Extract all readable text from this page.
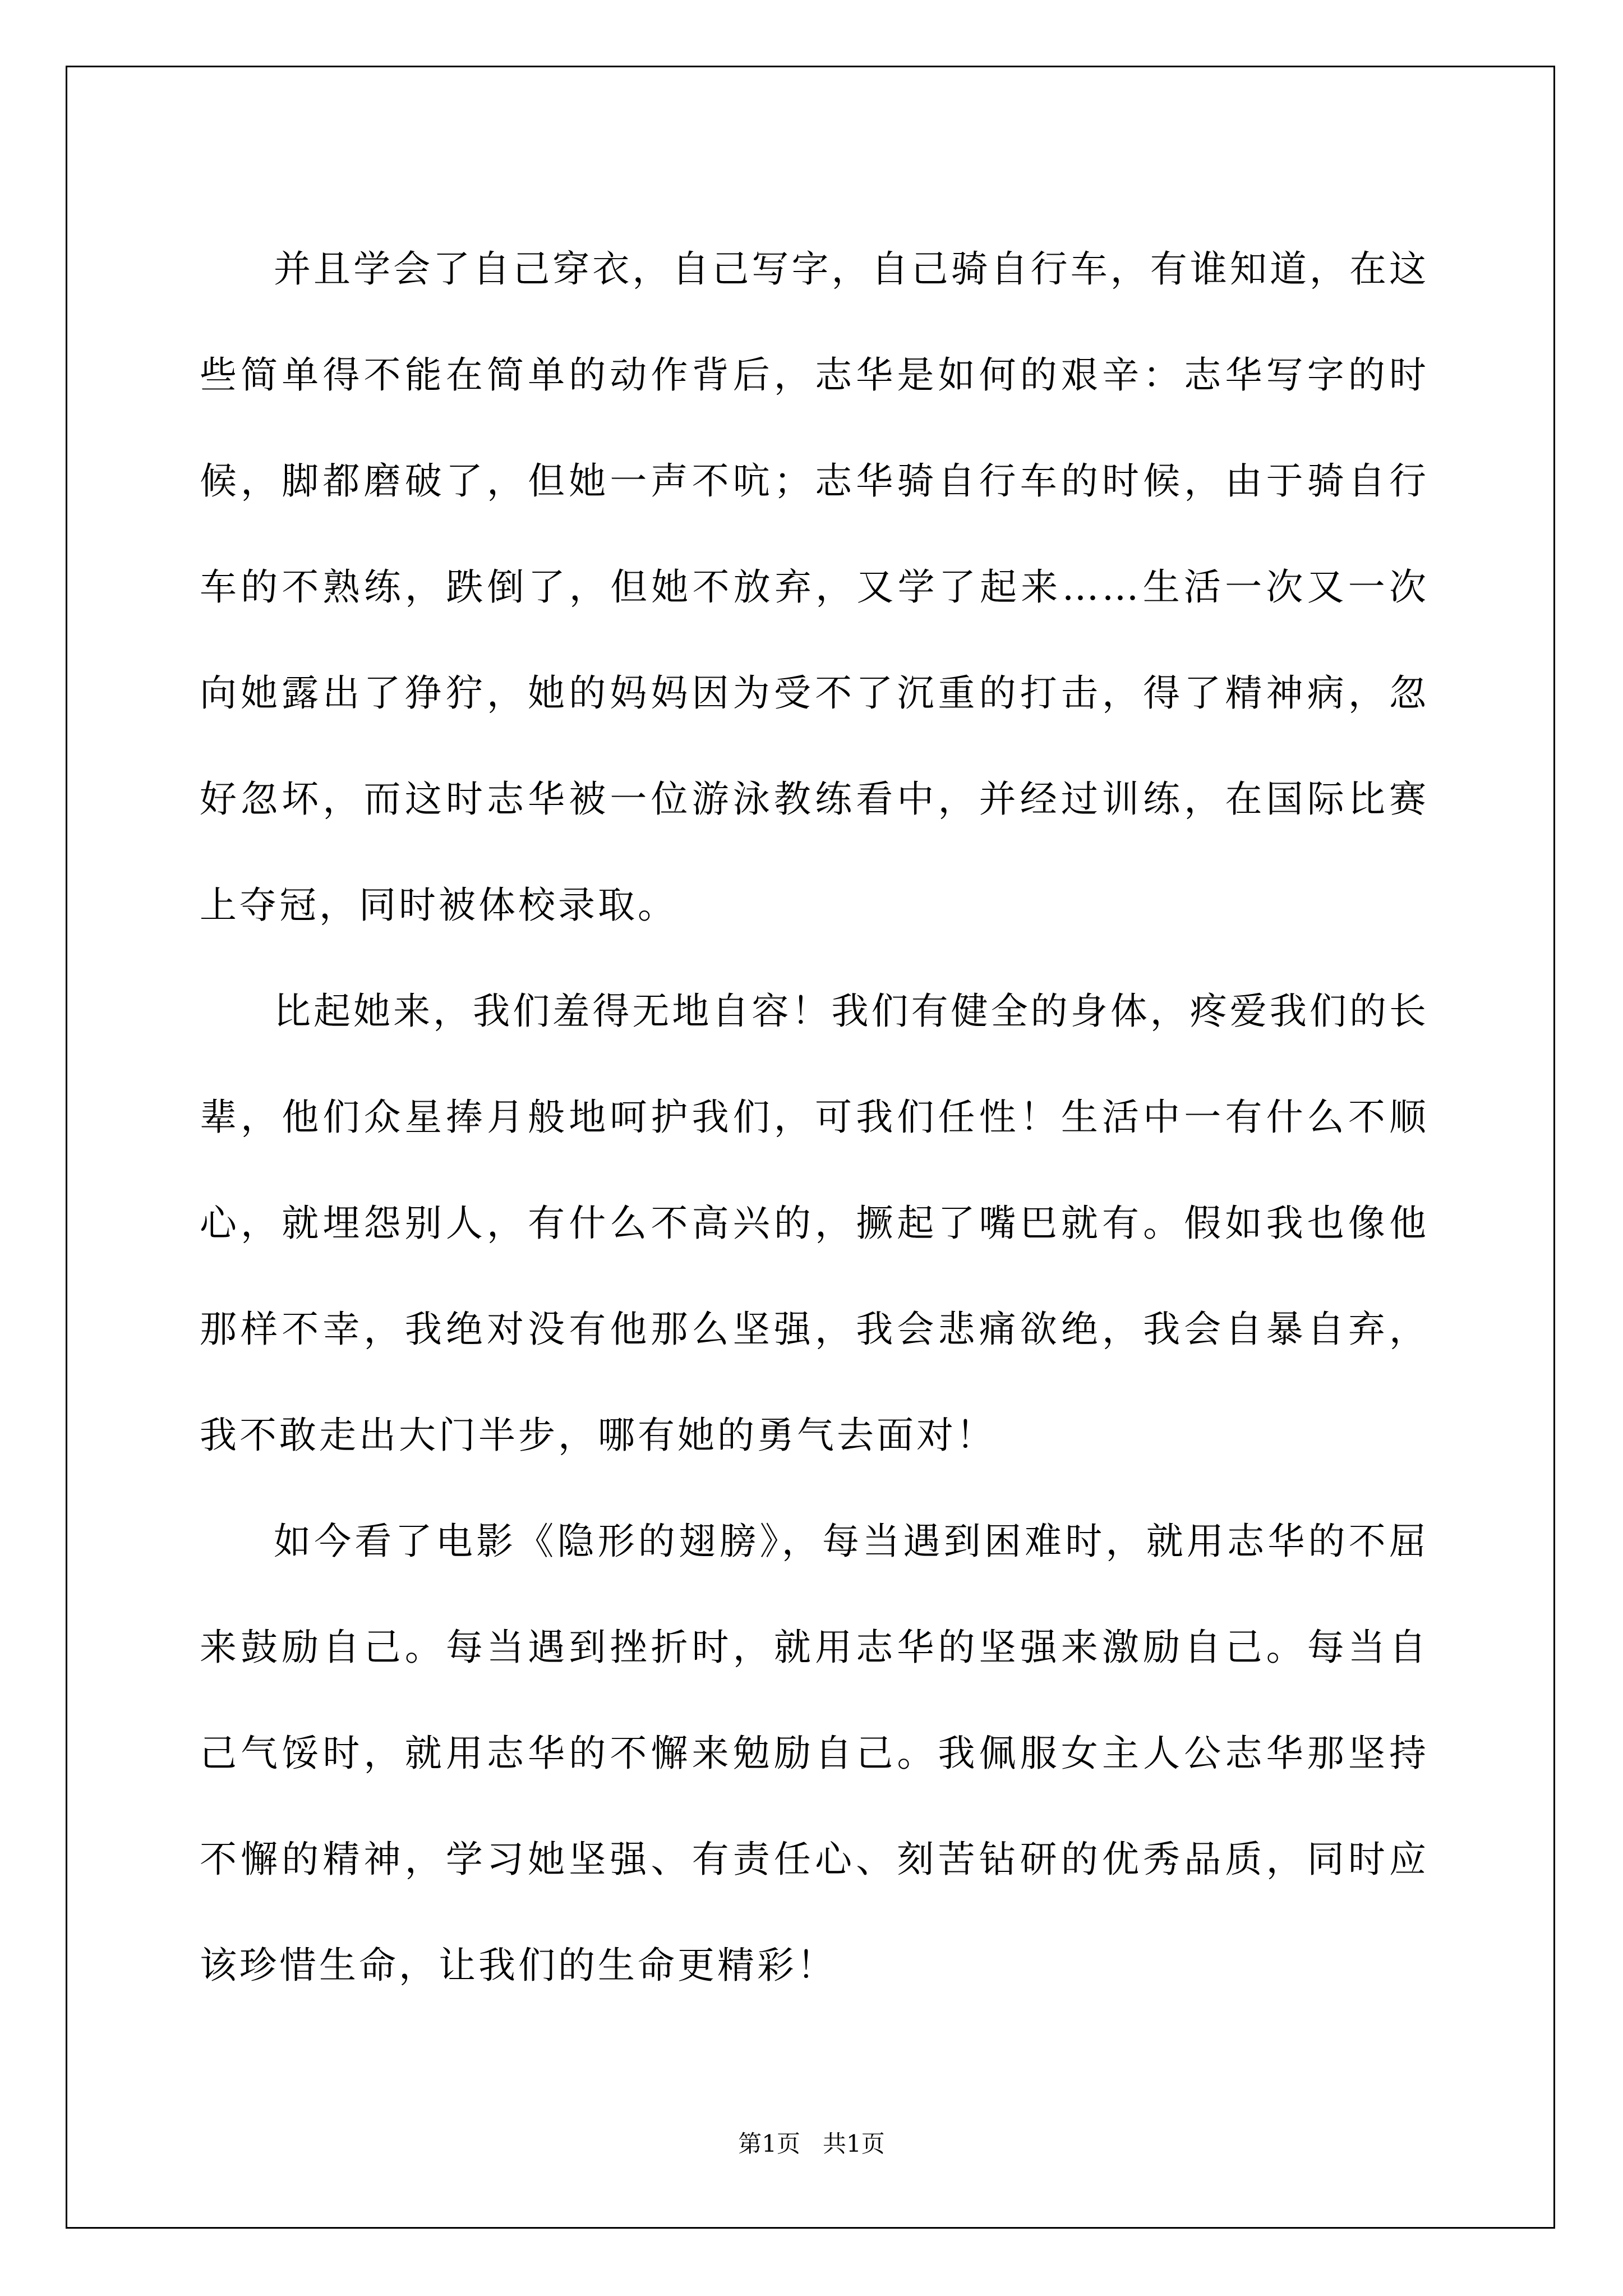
并且学会了自己穿衣，自己写字，自己骑自行车，有谁知道，在这些简单得不能在简单的动作背后，志华是如何的艰辛：志华写字的时候，脚都磨破了，但她一声不吭；志华骑自行车的时候，由于骑自行车的不熟练，跌倒了，但她不放弃，又学了起来……生活一次又一次向她露出了狰狞，她的妈妈因为受不了沉重的打击，得了精神病，忽好忽坏，而这时志华被一位游泳教练看中，并经过训练，在国际比赛上夺冠，同时被体校录取。

比起她来，我们羞得无地自容！我们有健全的身体，疼爱我们的长辈，他们众星捧月般地呵护我们，可我们任性！生活中一有什么不顺心，就埋怨别人，有什么不高兴的，撅起了嘴巴就有。假如我也像他那样不幸，我绝对没有他那么坚强，我会悲痛欲绝，我会自暴自弃，我不敢走出大门半步，哪有她的勇气去面对！

如今看了电影《隐形的翅膀》，每当遇到困难时，就用志华的不屈来鼓励自己。每当遇到挫折时，就用志华的坚强来激励自己。每当自己气馁时，就用志华的不懈来勉励自己。我佩服女主人公志华那坚持不懈的精神，学习她坚强、有责任心、刻苦钻研的优秀品质，同时应该珍惜生命，让我们的生命更精彩！

第1页   共1页
